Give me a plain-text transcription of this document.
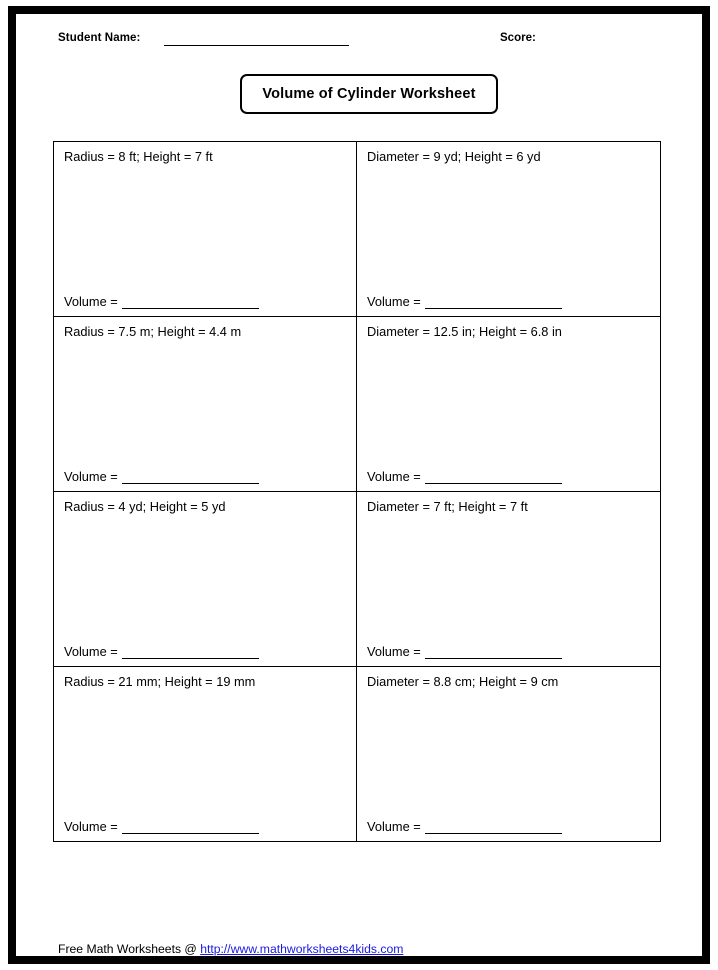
Student Name:	Score:
Volume of Cylinder Worksheet
Radius = 8 ft; Height = 7 ft
Volume =
Diameter = 9 yd; Height = 6 yd
Volume =
Radius = 7.5 m; Height = 4.4 m
Volume =
Diameter = 12.5 in; Height = 6.8 in
Volume =
Radius = 4 yd; Height = 5 yd
Volume =
Diameter = 7 ft; Height = 7 ft
Volume =
Radius = 21 mm; Height = 19 mm
Volume =
Diameter = 8.8 cm; Height = 9 cm
Volume =
Free Math Worksheets @ http://www.mathworksheets4kids.com
